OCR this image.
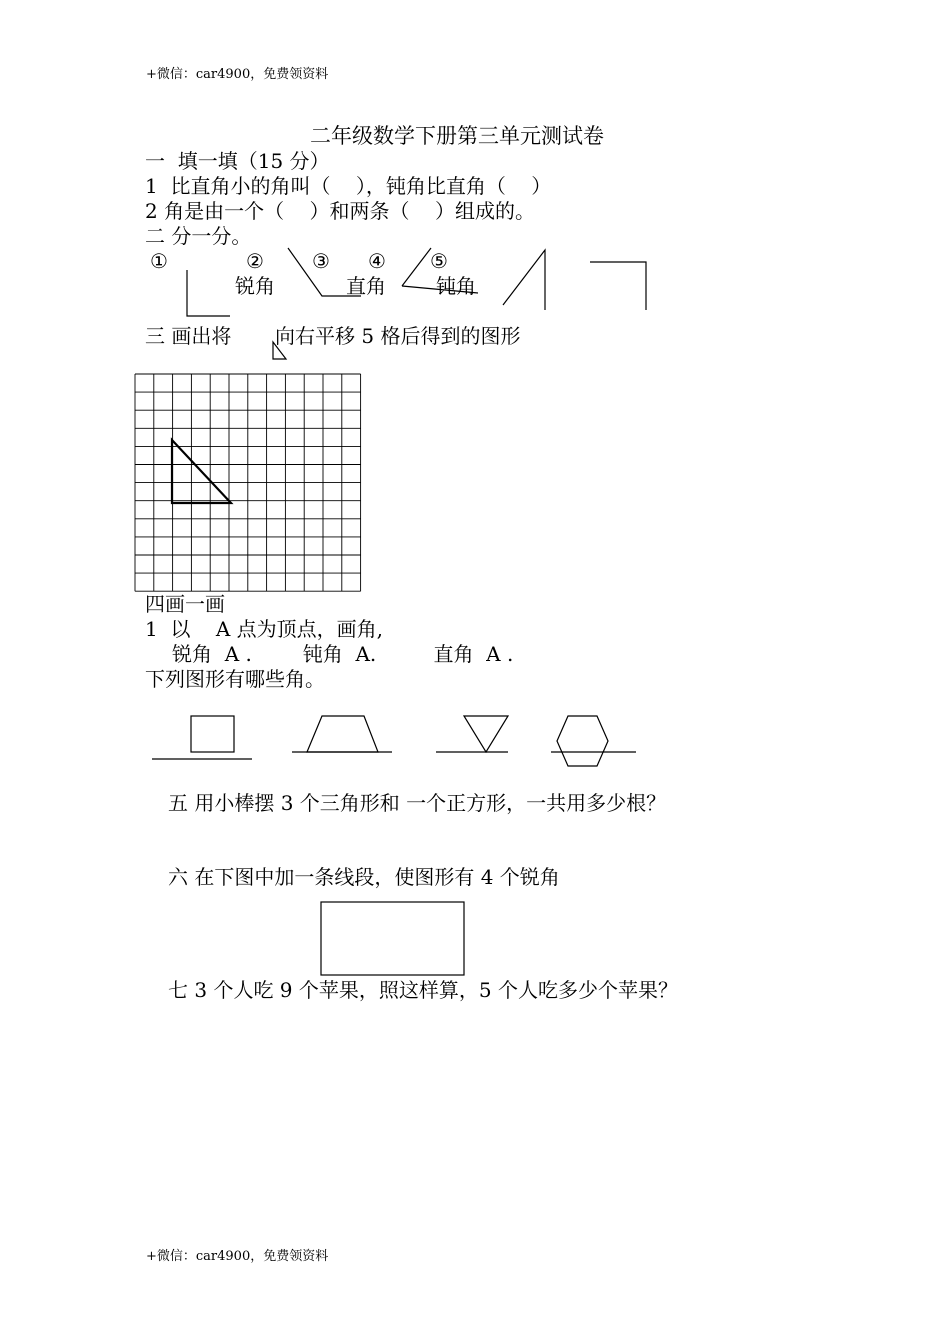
+微信：car4900，免费领资料
+微信：car4900，免费领资料
二年级数学下册第三单元测试卷
一  填一填（15 分）
1  比直角小的角叫（    ），钝角比直角（    ）
2 角是由一个（    ）和两条（    ）组成的。
二 分一分。
①	② ③ ④ ⑤
锐角	直角	钝角
三 画出将 向右平移 5 格后得到的图形
四画一画
1  以    A 点为顶点，画角,
锐角  A .        钝角  A.         直角  A .
下列图形有哪些角。
五 用小棒摆 3 个三角形和 一个正方形，一共用多少根？
六 在下图中加一条线段，使图形有 4 个锐角
七 3 个人吃 9 个苹果，照这样算，5 个人吃多少个苹果？
